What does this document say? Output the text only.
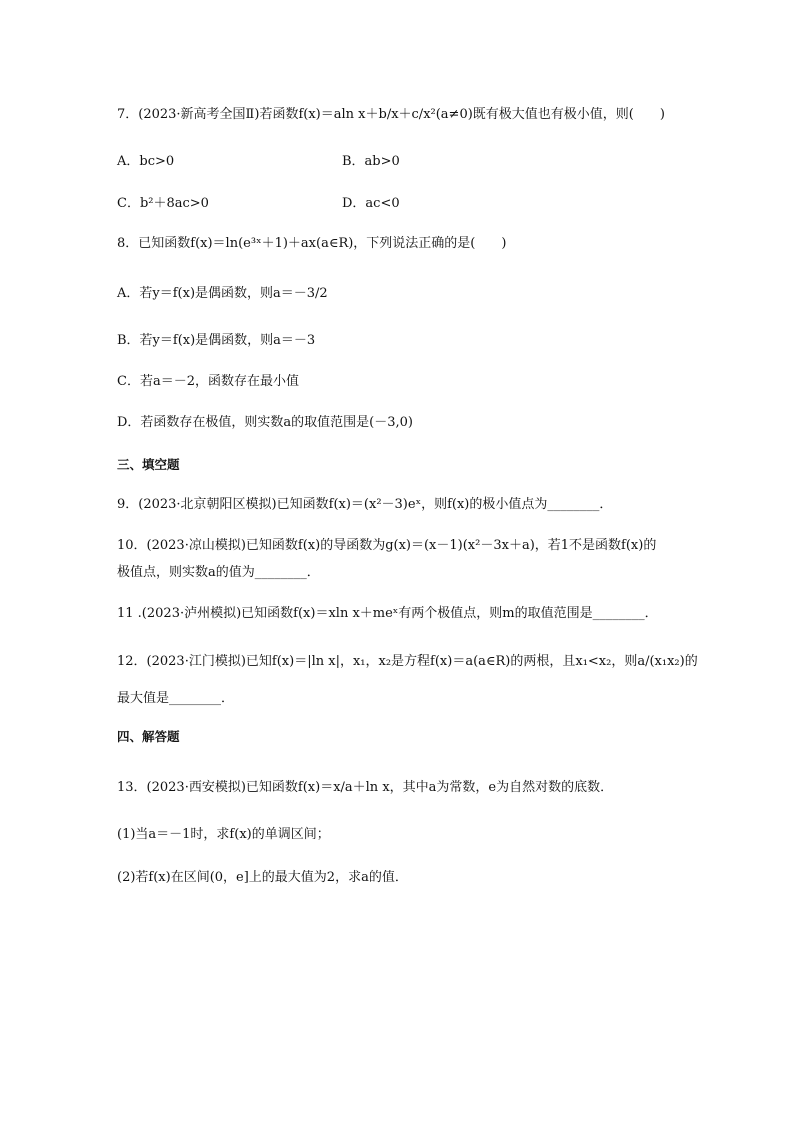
7．(2023·新高考全国Ⅱ)若函数f(x)＝aln x＋b/x＋c/x²(a≠0)既有极大值也有极小值，则(　　)
A．bc>0	B．ab>0
C．b²＋8ac>0	D．ac<0
8．已知函数f(x)＝ln(e³ˣ＋1)＋ax(a∈R)，下列说法正确的是(　　)
A．若y＝f(x)是偶函数，则a＝－3/2
B．若y＝f(x)是偶函数，则a＝－3
C．若a＝－2，函数存在最小值
D．若函数存在极值，则实数a的取值范围是(－3,0)
三、填空题
9．(2023·北京朝阳区模拟)已知函数f(x)＝(x²－3)eˣ，则f(x)的极小值点为________．
10．(2023·凉山模拟)已知函数f(x)的导函数为g(x)＝(x－1)(x²－3x＋a)，若1不是函数f(x)的
极值点，则实数a的值为________．
11 .(2023·泸州模拟)已知函数f(x)＝xln x＋meˣ有两个极值点，则m的取值范围是________．
12．(2023·江门模拟)已知f(x)＝|ln x|，x₁，x₂是方程f(x)＝a(a∈R)的两根，且x₁<x₂，则a/(x₁x₂)的
最大值是________．
四、解答题
13．(2023·西安模拟)已知函数f(x)＝x/a＋ln x，其中a为常数，e为自然对数的底数．
(1)当a＝－1时，求f(x)的单调区间；
(2)若f(x)在区间(0，e]上的最大值为2，求a的值．
